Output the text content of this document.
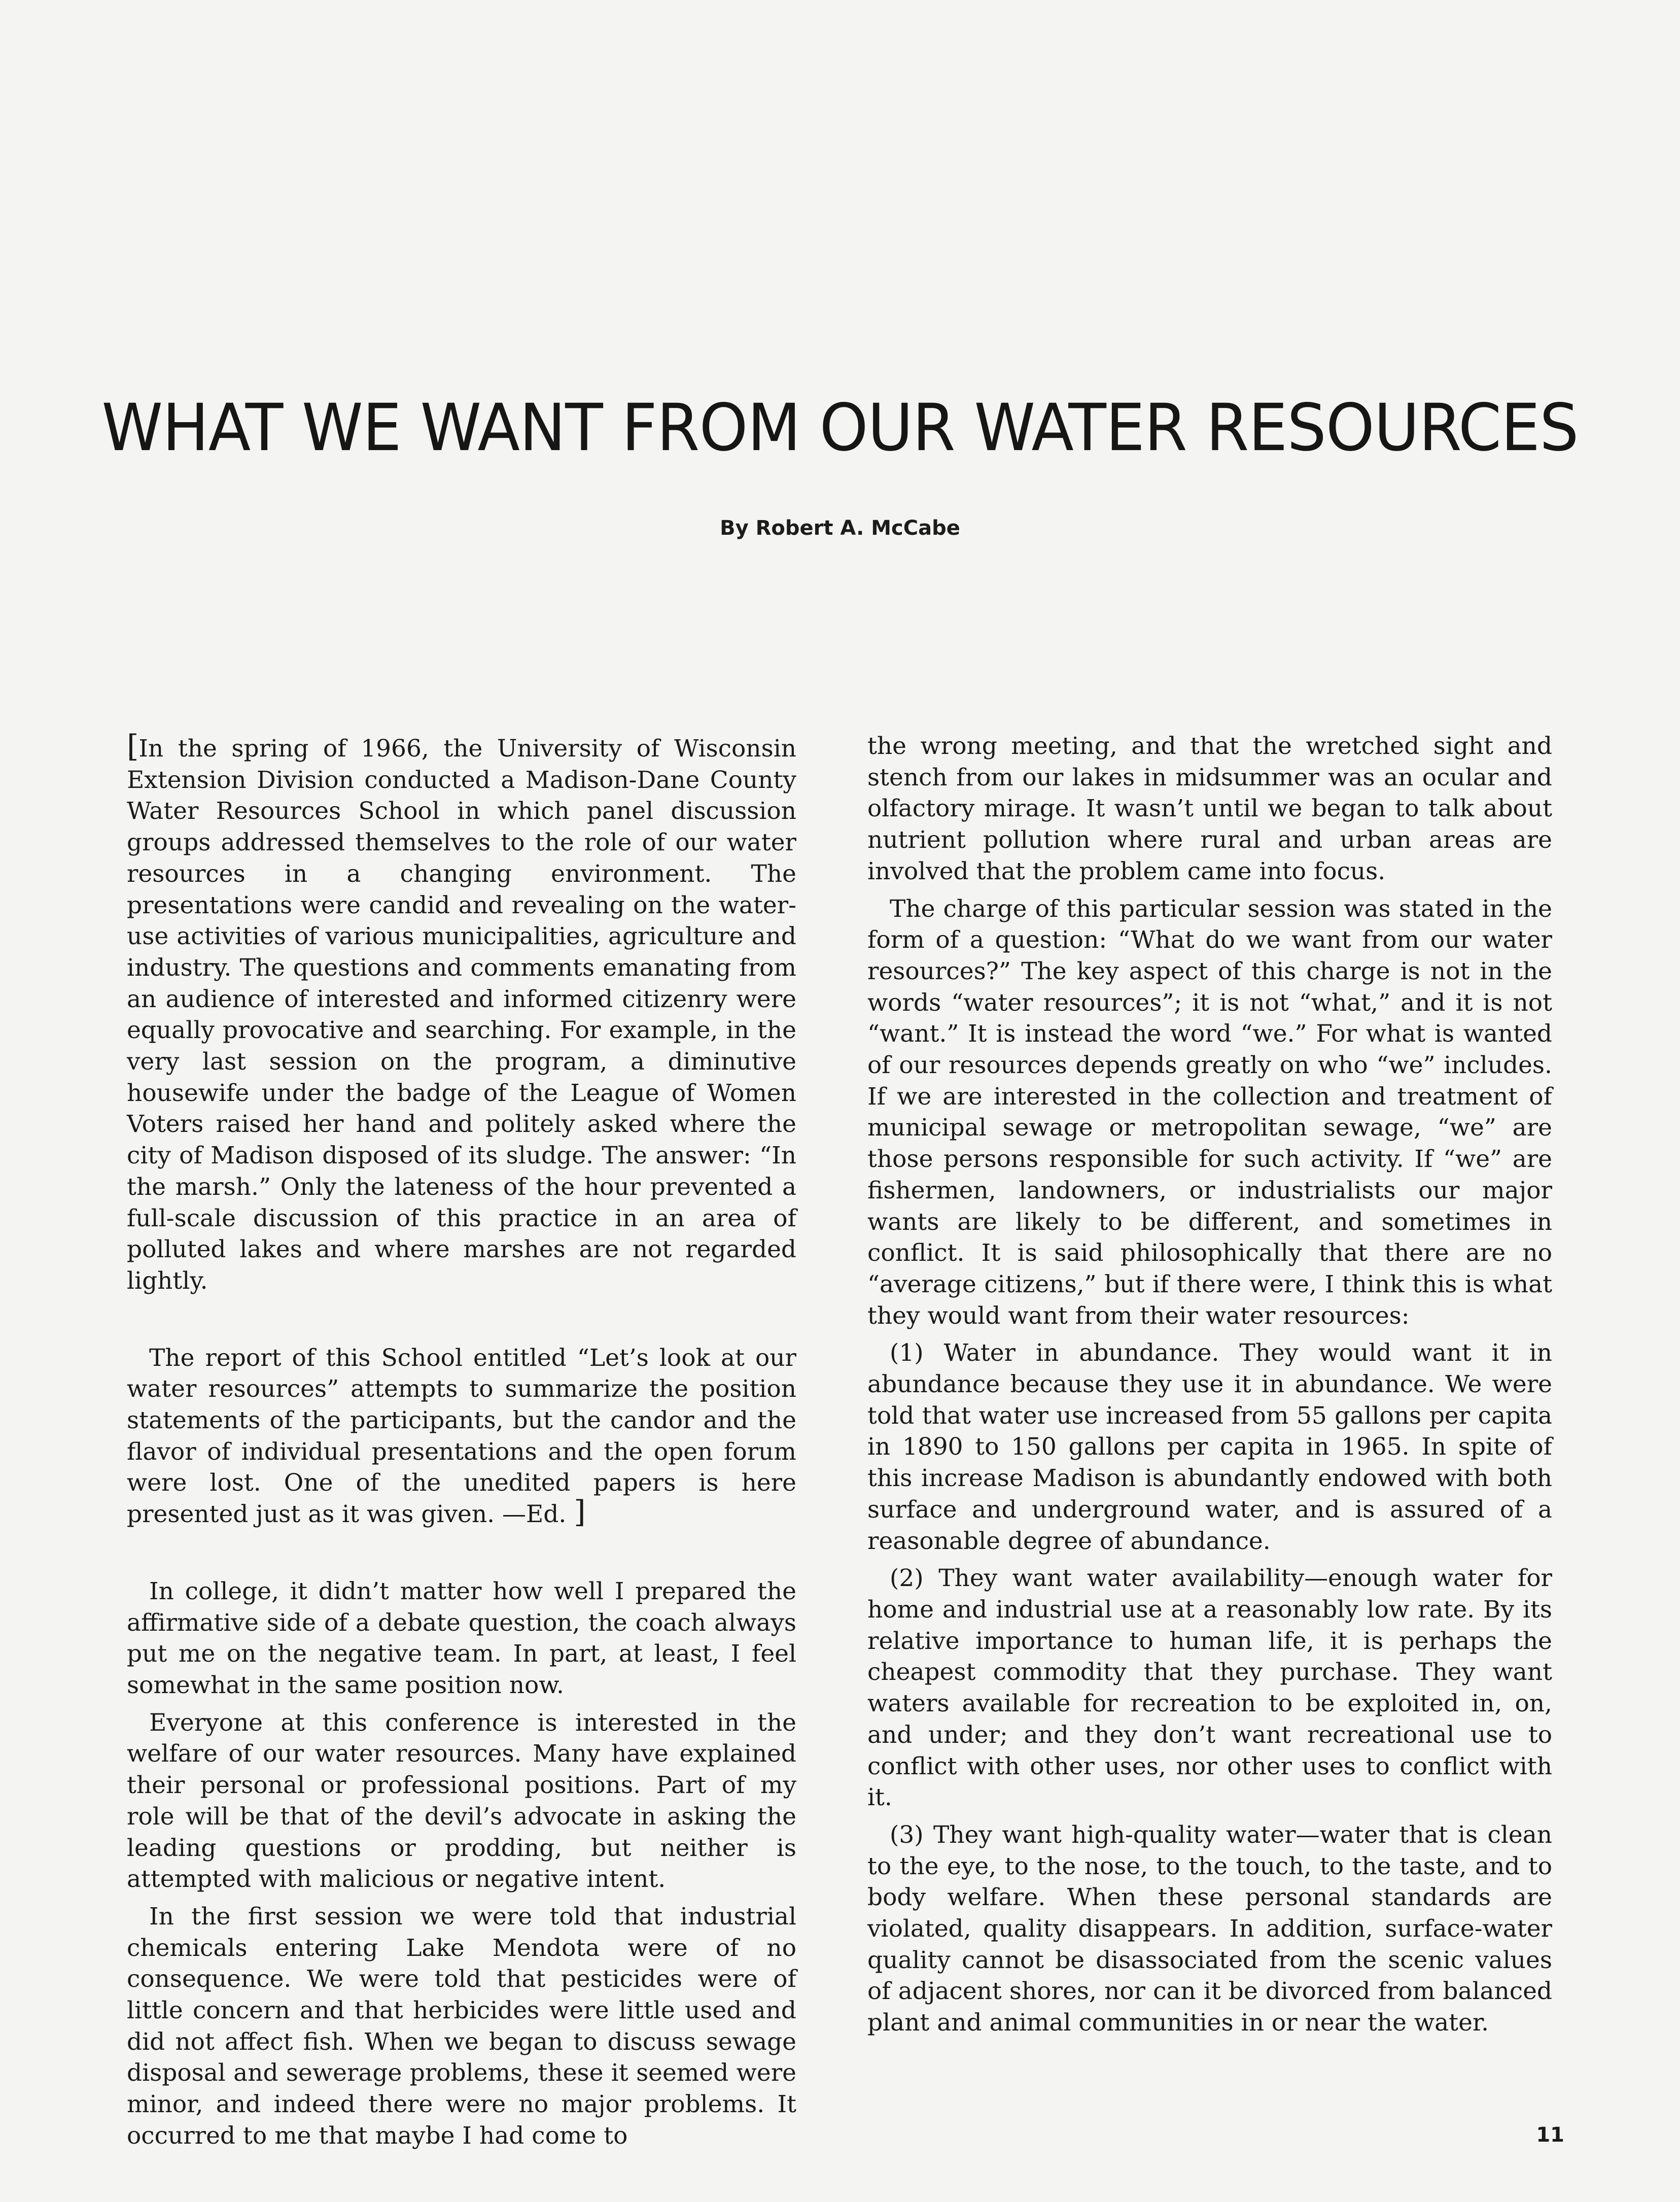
WHAT WE WANT FROM OUR WATER RESOURCES
By Robert A. McCabe

[In the spring of 1966, the University of Wisconsin Extension Division conducted a Madison-Dane County Water Resources School in which panel discussion groups addressed themselves to the role of our water resources in a changing environment. The presentations were candid and revealing on the water-use activities of various municipalities, agriculture and industry. The questions and comments emanating from an audience of interested and informed citizenry were equally provocative and searching. For example, in the very last session on the program, a diminutive housewife under the badge of the League of Women Voters raised her hand and politely asked where the city of Madison disposed of its sludge. The answer: “In the marsh.” Only the lateness of the hour prevented a full-scale discussion of this practice in an area of polluted lakes and where marshes are not regarded lightly.

The report of this School entitled “Let’s look at our water resources” attempts to summarize the position statements of the participants, but the candor and the flavor of individual presentations and the open forum were lost. One of the unedited papers is here presented just as it was given. —Ed. ]

In college, it didn’t matter how well I prepared the affirmative side of a debate question, the coach always put me on the negative team. In part, at least, I feel somewhat in the same position now.

Everyone at this conference is interested in the welfare of our water resources. Many have explained their personal or professional positions. Part of my role will be that of the devil’s advocate in asking the leading questions or prodding, but neither is attempted with malicious or negative intent.

In the first session we were told that industrial chemicals entering Lake Mendota were of no consequence. We were told that pesticides were of little concern and that herbicides were little used and did not affect fish. When we began to discuss sewage disposal and sewerage problems, these it seemed were minor, and indeed there were no major problems. It occurred to me that maybe I had come to

the wrong meeting, and that the wretched sight and stench from our lakes in midsummer was an ocular and olfactory mirage. It wasn’t until we began to talk about nutrient pollution where rural and urban areas are involved that the problem came into focus.

The charge of this particular session was stated in the form of a question: “What do we want from our water resources?” The key aspect of this charge is not in the words “water resources”; it is not “what,” and it is not “want.” It is instead the word “we.” For what is wanted of our resources depends greatly on who “we” includes. If we are interested in the collection and treatment of municipal sewage or metropolitan sewage, “we” are those persons responsible for such activity. If “we” are fishermen, landowners, or industrialists our major wants are likely to be different, and sometimes in conflict. It is said philosophically that there are no “average citizens,” but if there were, I think this is what they would want from their water resources:

(1) Water in abundance. They would want it in abundance because they use it in abundance. We were told that water use increased from 55 gallons per capita in 1890 to 150 gallons per capita in 1965. In spite of this increase Madison is abundantly endowed with both surface and underground water, and is assured of a reasonable degree of abundance.

(2) They want water availability—enough water for home and industrial use at a reasonably low rate. By its relative importance to human life, it is perhaps the cheapest commodity that they purchase. They want waters available for recreation to be exploited in, on, and under; and they don’t want recreational use to conflict with other uses, nor other uses to conflict with it.

(3) They want high-quality water—water that is clean to the eye, to the nose, to the touch, to the taste, and to body welfare. When these personal standards are violated, quality disappears. In addition, surface-water quality cannot be disassociated from the scenic values of adjacent shores, nor can it be divorced from balanced plant and animal communities in or near the water.

11
